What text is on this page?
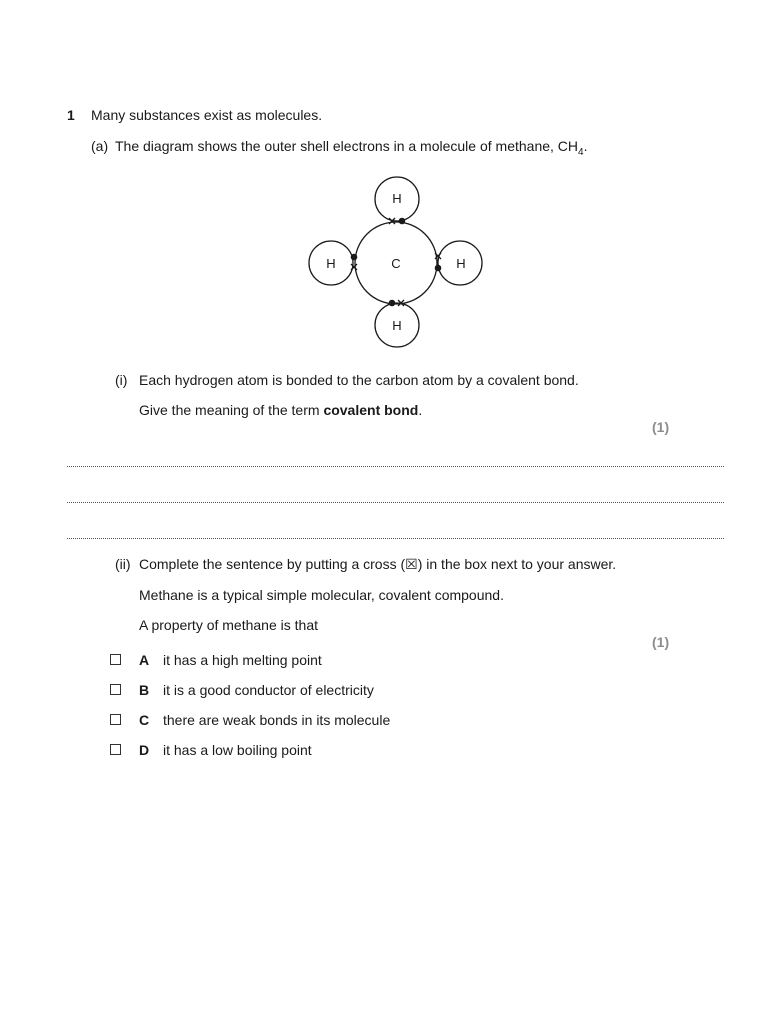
1 Many substances exist as molecules.
(a) The diagram shows the outer shell electrons in a molecule of methane, $CH_4$.
C
H
H	H
H
(i) Each hydrogen atom is bonded to the carbon atom by a covalent bond.
Give the meaning of the term covalent bond.
(1)
(ii) Complete the sentence by putting a cross (☒) in the box next to your answer.
Methane is a typical simple molecular, covalent compound.
A property of methane is that
(1)
A it has a high melting point
B it is a good conductor of electricity
C there are weak bonds in its molecule
D it has a low boiling point
